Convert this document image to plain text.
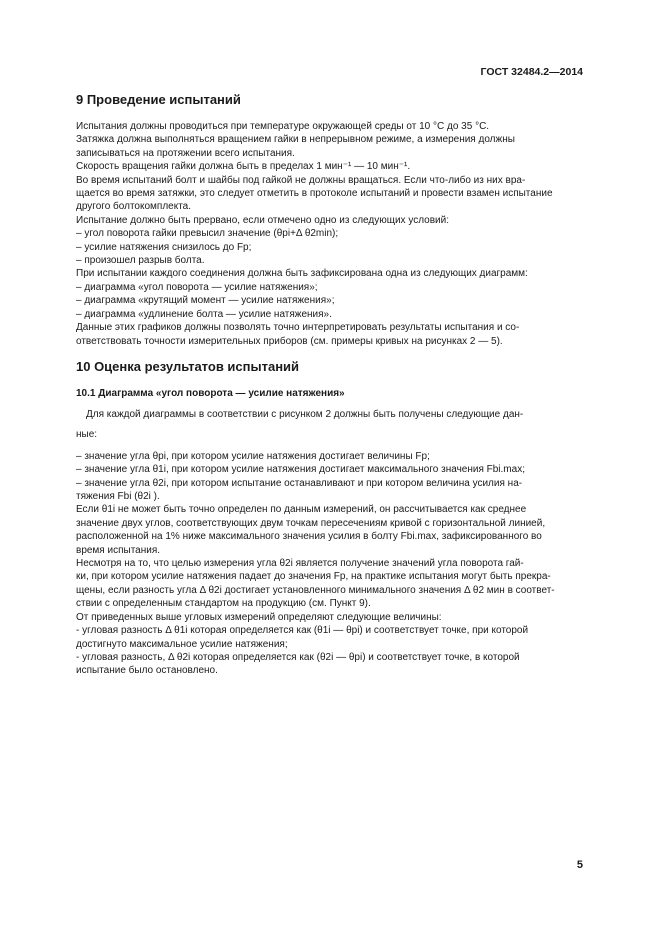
ГОСТ 32484.2—2014
9 Проведение испытаний

Испытания должны проводиться при температуре окружающей среды от 10 °С до 35 °С.

Затяжка должна выполняться вращением гайки в непрерывном режиме, а измерения должны

записываться на протяжении всего испытания.

Скорость вращения гайки должна быть в пределах 1 мин⁻¹ — 10 мин⁻¹.

Во время испытаний болт и шайбы под гайкой не должны вращаться. Если что-либо из них вра-

щается во время затяжки, это следует отметить в протоколе испытаний и провести взамен испытание

другого болтокомплекта.

Испытание должно быть прервано, если отмечено одно из следующих условий:

– угол поворота гайки превысил значение (θpi+Δ θ2min);

– усилие натяжения снизилось до Fp;

– произошел разрыв болта.

При испытании каждого соединения должна быть зафиксирована одна из следующих диаграмм:

– диаграмма «угол поворота — усилие натяжения»;

– диаграмма «крутящий момент — усилие натяжения»;

– диаграмма «удлинение болта — усилие натяжения».

Данные этих графиков должны позволять точно интерпретировать результаты испытания и со-

ответствовать точности измерительных приборов (см. примеры кривых на рисунках 2 — 5).

10 Оценка результатов испытаний
10.1 Диаграмма «угол поворота — усилие натяжения»

Для каждой диаграммы в соответствии с рисунком 2 должны быть получены следующие дан-

ные:

– значение угла θpi, при котором усилие натяжения достигает величины Fp;

– значение угла θ1i, при котором усилие натяжения достигает максимального значения Fbi.max;

– значение угла θ2i, при котором испытание останавливают и при котором величина усилия на-

тяжения Fbi (θ2i ).

Если θ1i не может быть точно определен по данным измерений, он рассчитывается как среднее

значение двух углов, соответствующих двум точкам пересечениям кривой с горизонтальной линией,

расположенной на 1% ниже максимального значения усилия в болту Fbi.max, зафиксированного во

время испытания.

Несмотря на то, что целью измерения угла θ2i является получение значений угла поворота гай-

ки, при котором усилие натяжения падает до значения Fp, на практике испытания могут быть прекра-

щены, если разность угла Δ θ2i достигает установленного минимального значения Δ θ2 мин в соответ-

ствии с определенным стандартом на продукцию (см. Пункт 9).

От приведенных выше угловых измерений определяют следующие величины:

- угловая разность Δ θ1i которая определяется как (θ1i — θpi) и соответствует точке, при которой

достигнуто максимальное усилие натяжения;

- угловая разность, Δ θ2i которая определяется как (θ2i — θpi) и соответствует точке, в которой

испытание было остановлено.

5
